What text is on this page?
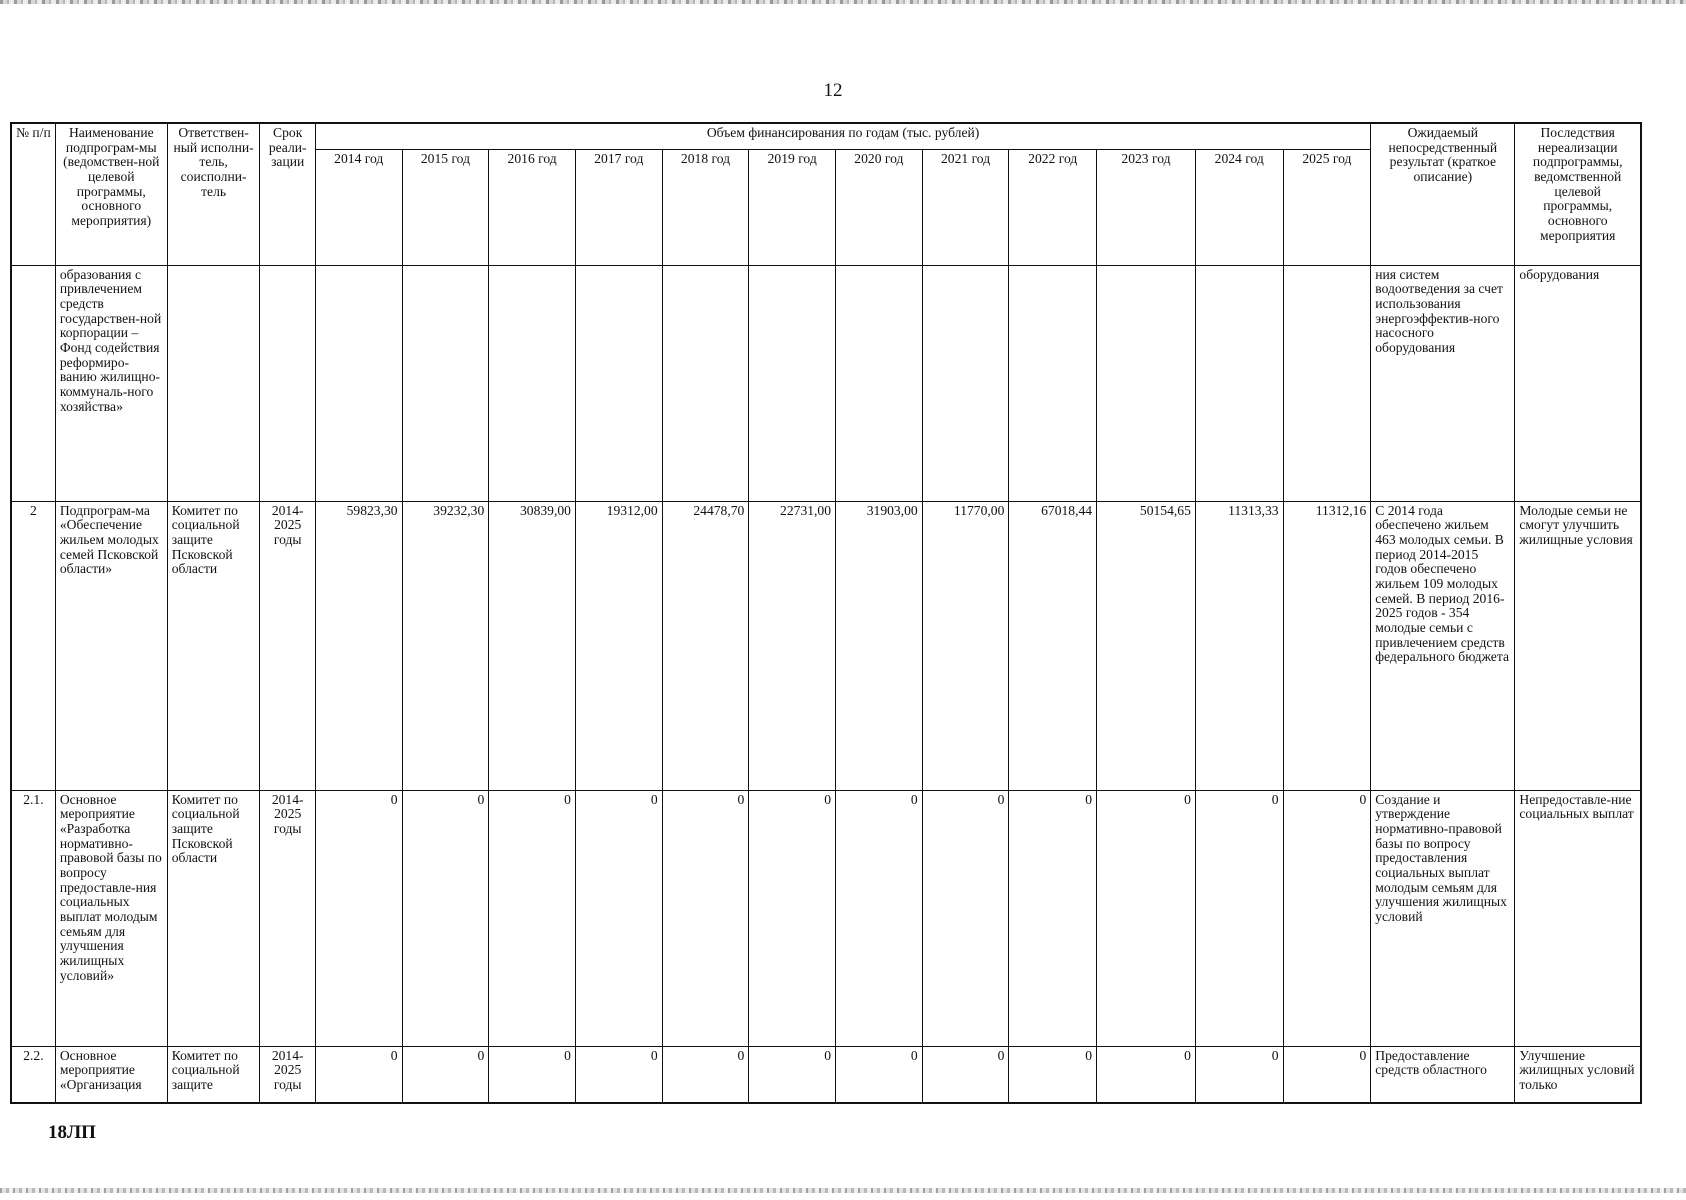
12
№ п/п	Наименование подпрограм-мы (ведомствен-ной целевой программы, основного мероприятия)	Ответствен-ный исполни-тель, соисполни-тель	Срок реали-зации	Объем финансирования по годам (тыс. рублей)												Ожидаемый непосредственный результат (краткое описание)	Последствия нереализации подпрограммы, ведомственной целевой программы, основного мероприятия
				2014 год	2015 год	2016 год	2017 год	2018 год	2019 год	2020 год	2021 год	2022 год	2023 год	2024 год	2025 год		
	образования с привлечением средств государствен-ной корпорации – Фонд содействия реформиро-ванию жилищно-коммуналь-ного хозяйства»															ния систем водоотведения за счет использования энергоэффектив-ного насосного оборудования	оборудования
2	Подпрограм-ма «Обеспечение жильем молодых семей Псковской области»	Комитет по социальной защите Псковской области	2014-2025 годы	59823,30	39232,30	30839,00	19312,00	24478,70	22731,00	31903,00	11770,00	67018,44	50154,65	11313,33	11312,16	С 2014 года обеспечено жильем 463 молодых семьи. В период 2014-2015 годов обеспечено жильем 109 молодых семей. В период 2016-2025 годов - 354 молодые семьи с привлечением средств федерального бюджета	Молодые семьи не смогут улучшить жилищные условия
2.1.	Основное мероприятие «Разработка нормативно-правовой базы по вопросу предоставле-ния социальных выплат молодым семьям для улучшения жилищных условий»	Комитет по социальной защите Псковской области	2014-2025 годы	0	0	0	0	0	0	0	0	0	0	0	0	Создание и утверждение нормативно-правовой базы по вопросу предоставления социальных выплат молодым семьям для улучшения жилищных условий	Непредоставле-ние социальных выплат
2.2.	Основное мероприятие «Организация	Комитет по социальной защите	2014-2025 годы	0	0	0	0	0	0	0	0	0	0	0	0	Предоставление средств областного	Улучшение жилищных условий только
18ЛП
